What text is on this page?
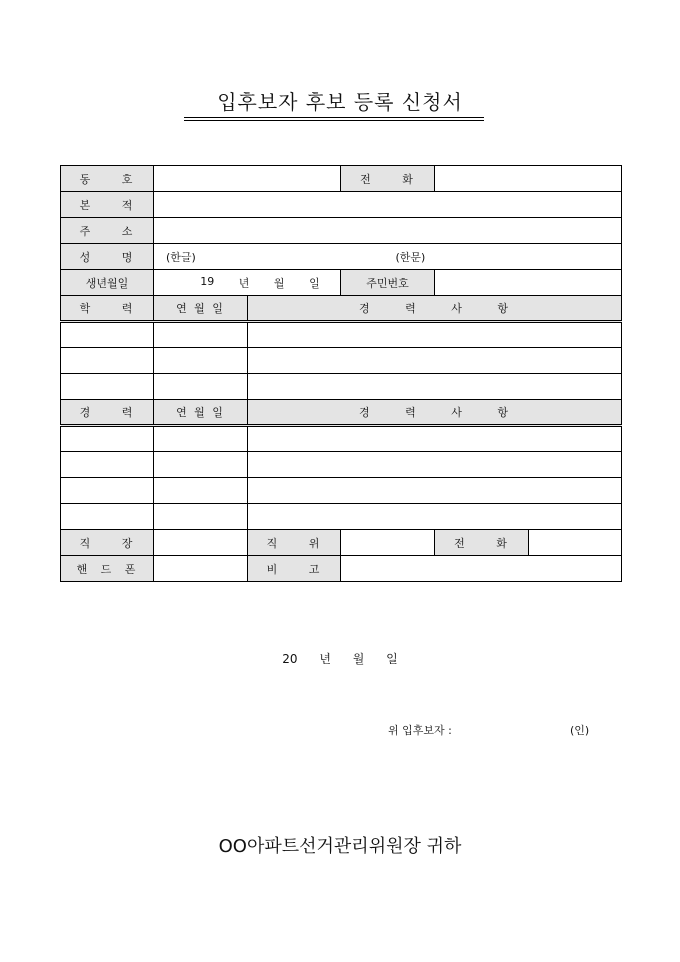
입후보자 후보 등록 신청서
동 호			전 화		
본 적					
주 소					
성 명	(한글) (한문)				
생년월일	19 년 월 일		주민번호		
학 력	연 월 일	경 력 사 항			

경 력	연 월 일	경 력 사 항			

직 장		직 위		전 화	
핸 드 폰		비 고			
20 년 월 일
위 입후보자 :	(인)
OO아파트선거관리위원장 귀하
